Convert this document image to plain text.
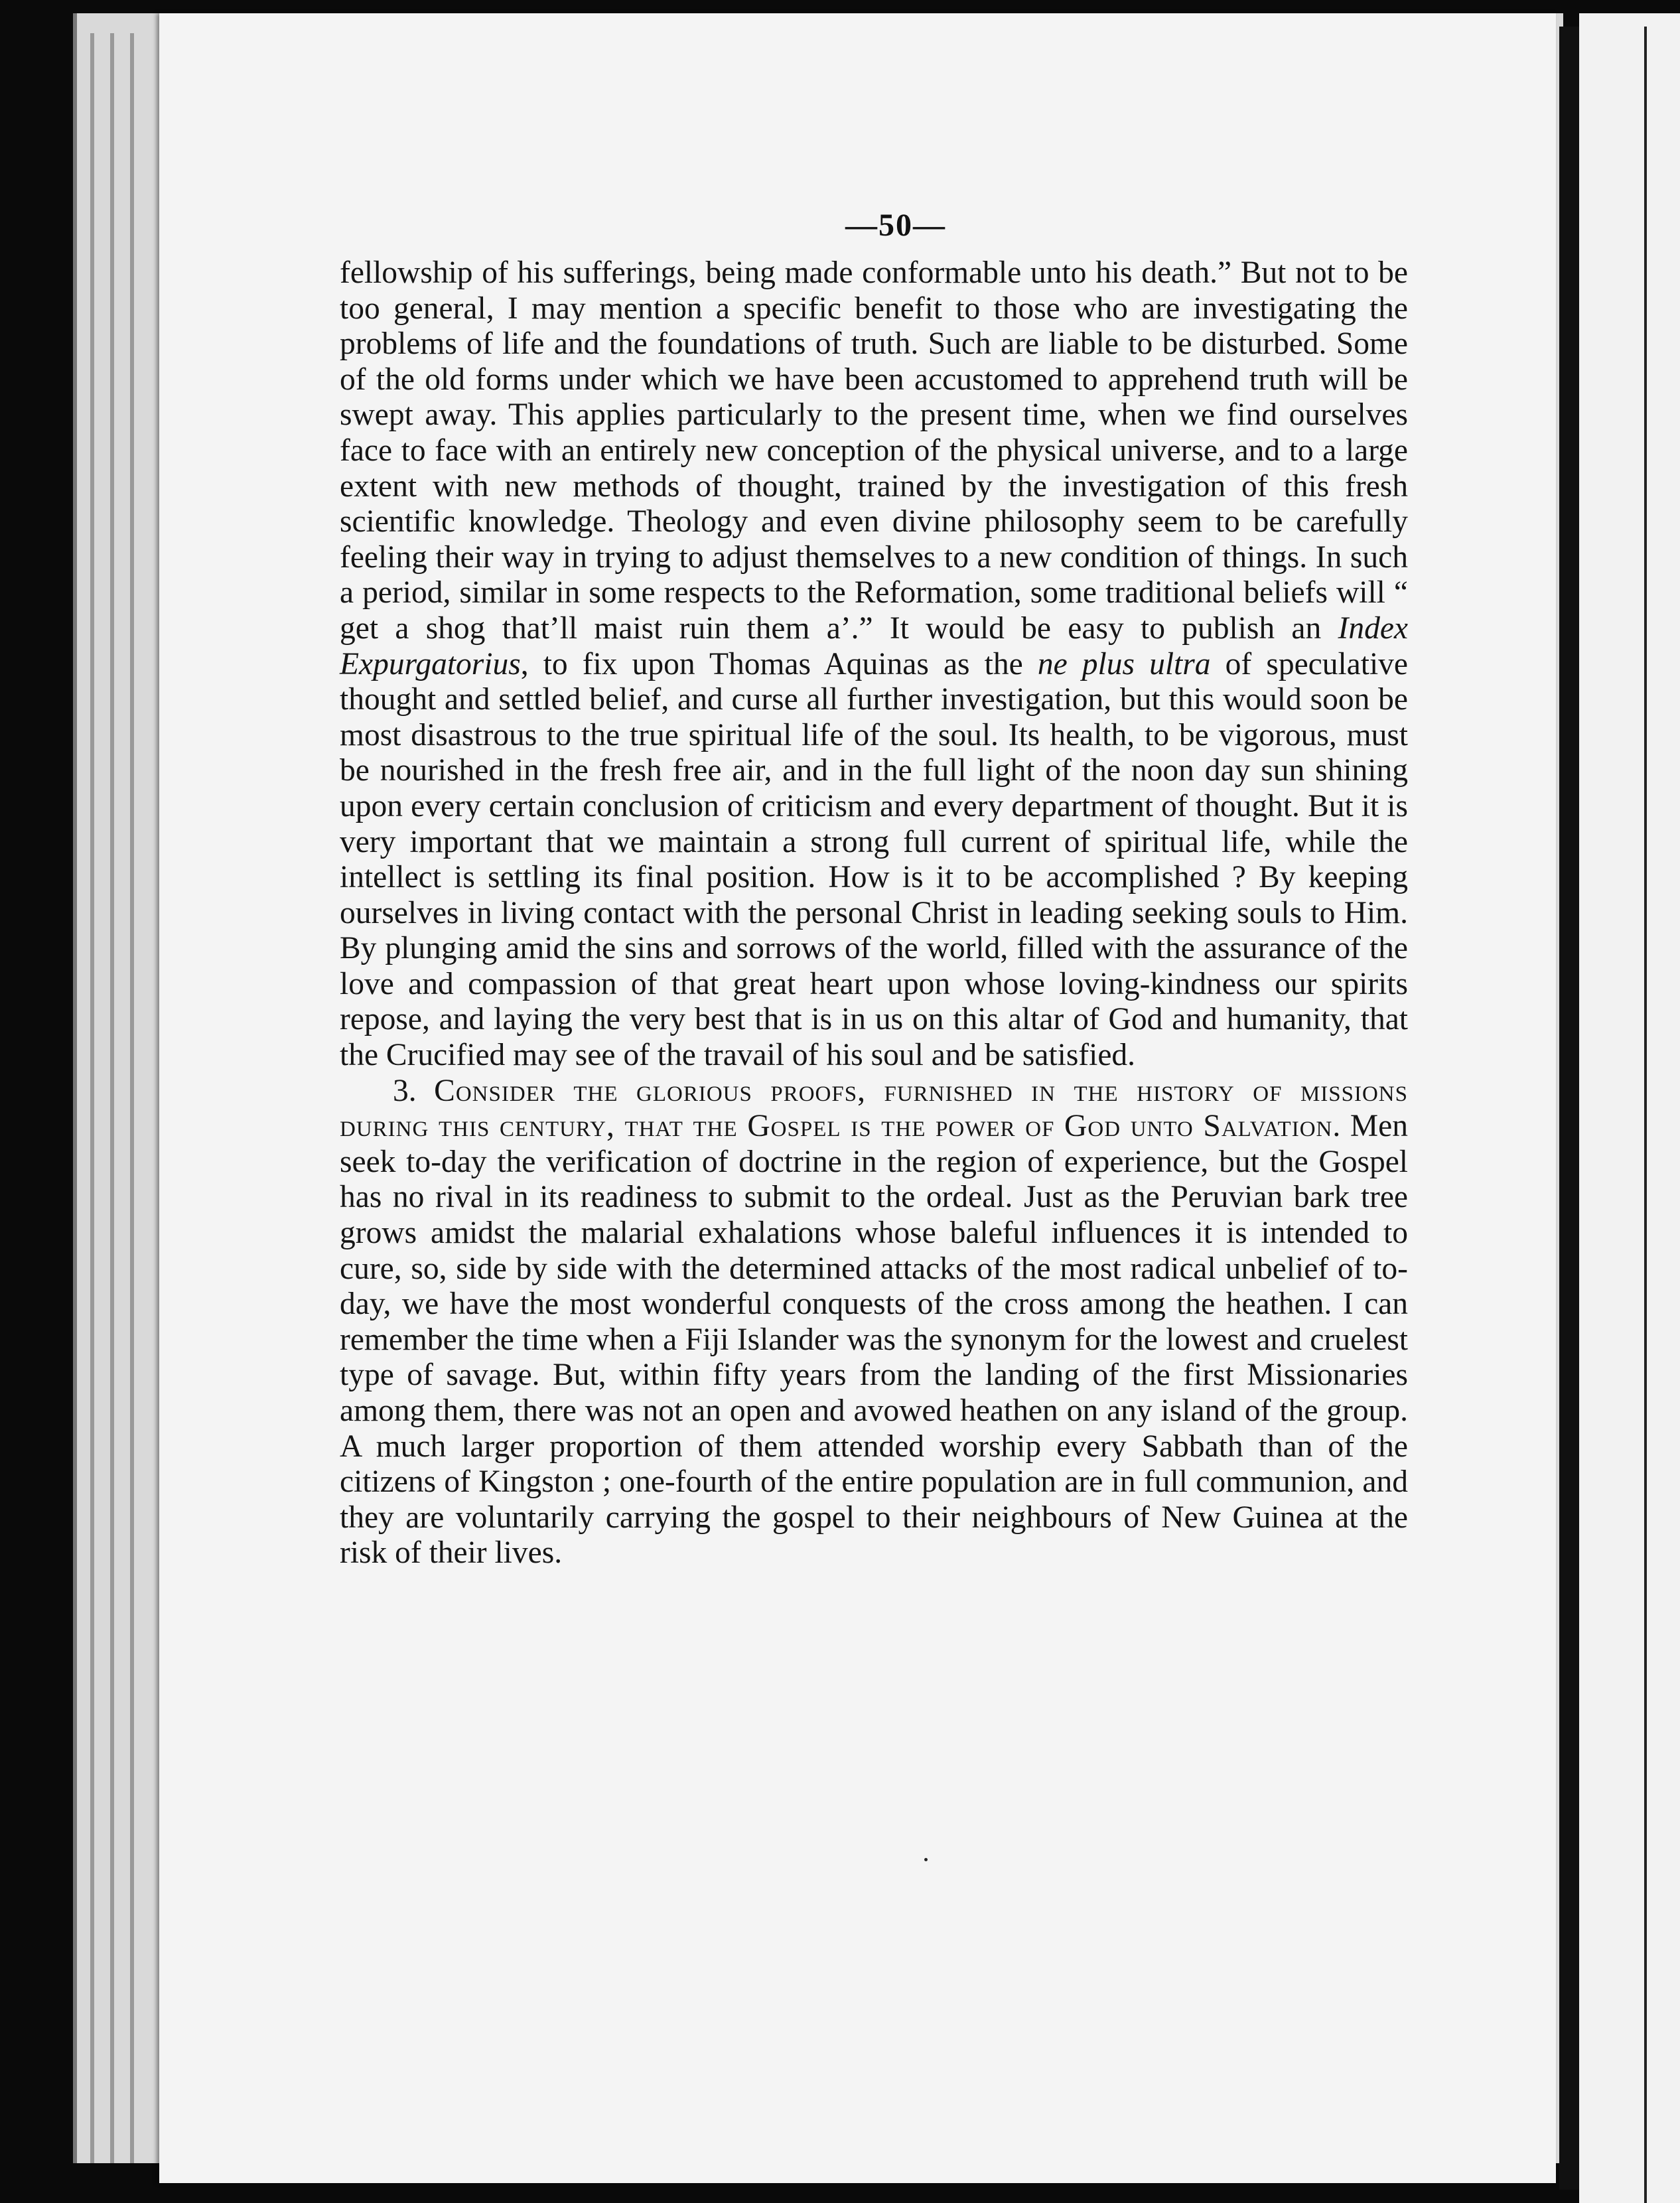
—50—

fellowship of his sufferings, being made conformable unto his death.” But not to be too general, I may mention a specific benefit to those who are investigating the problems of life and the foundations of truth. Such are liable to be disturbed. Some of the old forms under which we have been accustomed to apprehend truth will be swept away. This applies particularly to the present time, when we find ourselves face to face with an entirely new conception of the physical universe, and to a large extent with new methods of thought, trained by the investigation of this fresh scientific knowledge. Theology and even divine philosophy seem to be carefully feeling their way in trying to adjust themselves to a new condition of things. In such a period, similar in some respects to the Reformation, some traditional beliefs will “ get a shog that’ll maist ruin them a’.” It would be easy to publish an Index Expurgatorius, to fix upon Thomas Aquinas as the ne plus ultra of speculative thought and settled belief, and curse all further investigation, but this would soon be most disastrous to the true spiritual life of the soul. Its health, to be vigorous, must be nourished in the fresh free air, and in the full light of the noon day sun shining upon every certain conclusion of criticism and every department of thought. But it is very important that we maintain a strong full current of spiritual life, while the intellect is settling its final position. How is it to be accomplished ? By keeping ourselves in living contact with the personal Christ in leading seeking souls to Him. By plunging amid the sins and sorrows of the world, filled with the assurance of the love and compassion of that great heart upon whose loving-kindness our spirits repose, and laying the very best that is in us on this altar of God and humanity, that the Crucified may see of the travail of his soul and be satisfied.

3. Consider the glorious proofs, furnished in the history of missions during this century, that the Gospel is the power of God unto Salvation. Men seek to-day the verification of doctrine in the region of experience, but the Gospel has no rival in its readiness to submit to the ordeal. Just as the Peruvian bark tree grows amidst the malarial exhalations whose baleful influences it is intended to cure, so, side by side with the determined attacks of the most radical unbelief of to-day, we have the most wonderful conquests of the cross among the heathen. I can remember the time when a Fiji Islander was the synonym for the lowest and cruelest type of savage. But, within fifty years from the landing of the first Missionaries among them, there was not an open and avowed heathen on any island of the group. A much larger proportion of them attended worship every Sabbath than of the citizens of Kingston ; one-fourth of the entire population are in full communion, and they are voluntarily carrying the gospel to their neighbours of New Guinea at the risk of their lives.
